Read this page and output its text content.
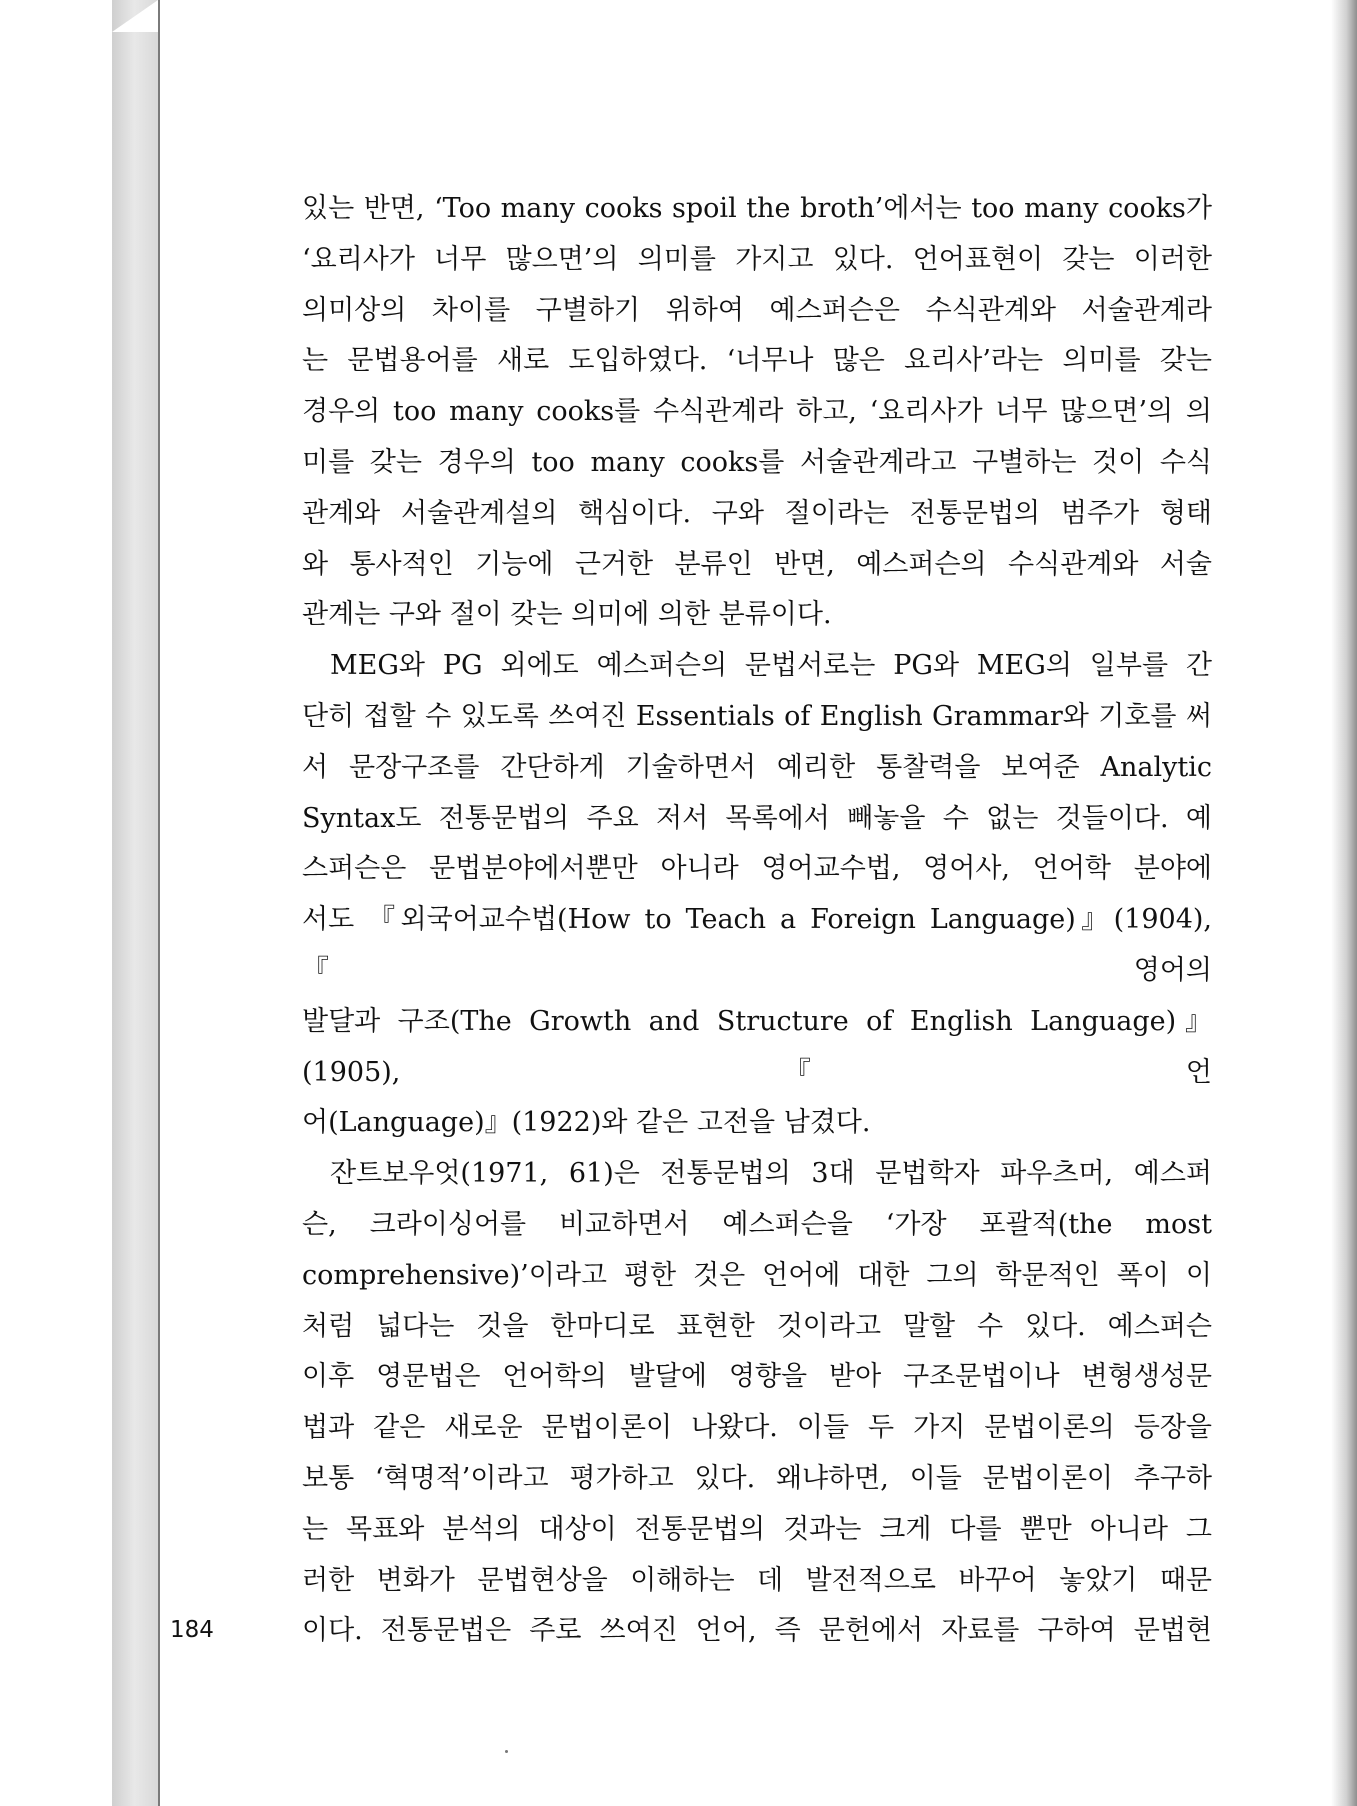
있는 반면, ‘Too many cooks spoil the broth’에서는 too many cooks가

‘요리사가 너무 많으면’의 의미를 가지고 있다. 언어표현이 갖는 이러한

의미상의 차이를 구별하기 위하여 예스퍼슨은 수식관계와 서술관계라

는 문법용어를 새로 도입하였다. ‘너무나 많은 요리사’라는 의미를 갖는

경우의 too many cooks를 수식관계라 하고, ‘요리사가 너무 많으면’의 의

미를 갖는 경우의 too many cooks를 서술관계라고 구별하는 것이 수식

관계와 서술관계설의 핵심이다. 구와 절이라는 전통문법의 범주가 형태

와 통사적인 기능에 근거한 분류인 반면, 예스퍼슨의 수식관계와 서술

관계는 구와 절이 갖는 의미에 의한 분류이다.

MEG와 PG 외에도 예스퍼슨의 문법서로는 PG와 MEG의 일부를 간

단히 접할 수 있도록 쓰여진 Essentials of English Grammar와 기호를 써

서 문장구조를 간단하게 기술하면서 예리한 통찰력을 보여준 Analytic

Syntax도 전통문법의 주요 저서 목록에서 빼놓을 수 없는 것들이다. 예

스퍼슨은 문법분야에서뿐만 아니라 영어교수법, 영어사, 언어학 분야에

서도 『외국어교수법(How to Teach a Foreign Language)』(1904), 『영어의

발달과 구조(The Growth and Structure of English Language)』(1905), 『언

어(Language)』(1922)와 같은 고전을 남겼다.

잔트보우엇(1971, 61)은 전통문법의 3대 문법학자 파우츠머, 예스퍼

슨, 크라이싱어를 비교하면서 예스퍼슨을 ‘가장 포괄적(the most

comprehensive)’이라고 평한 것은 언어에 대한 그의 학문적인 폭이 이

처럼 넓다는 것을 한마디로 표현한 것이라고 말할 수 있다. 예스퍼슨

이후 영문법은 언어학의 발달에 영향을 받아 구조문법이나 변형생성문

법과 같은 새로운 문법이론이 나왔다. 이들 두 가지 문법이론의 등장을

보통 ‘혁명적’이라고 평가하고 있다. 왜냐하면, 이들 문법이론이 추구하

는 목표와 분석의 대상이 전통문법의 것과는 크게 다를 뿐만 아니라 그

러한 변화가 문법현상을 이해하는 데 발전적으로 바꾸어 놓았기 때문

이다. 전통문법은 주로 쓰여진 언어, 즉 문헌에서 자료를 구하여 문법현

184
